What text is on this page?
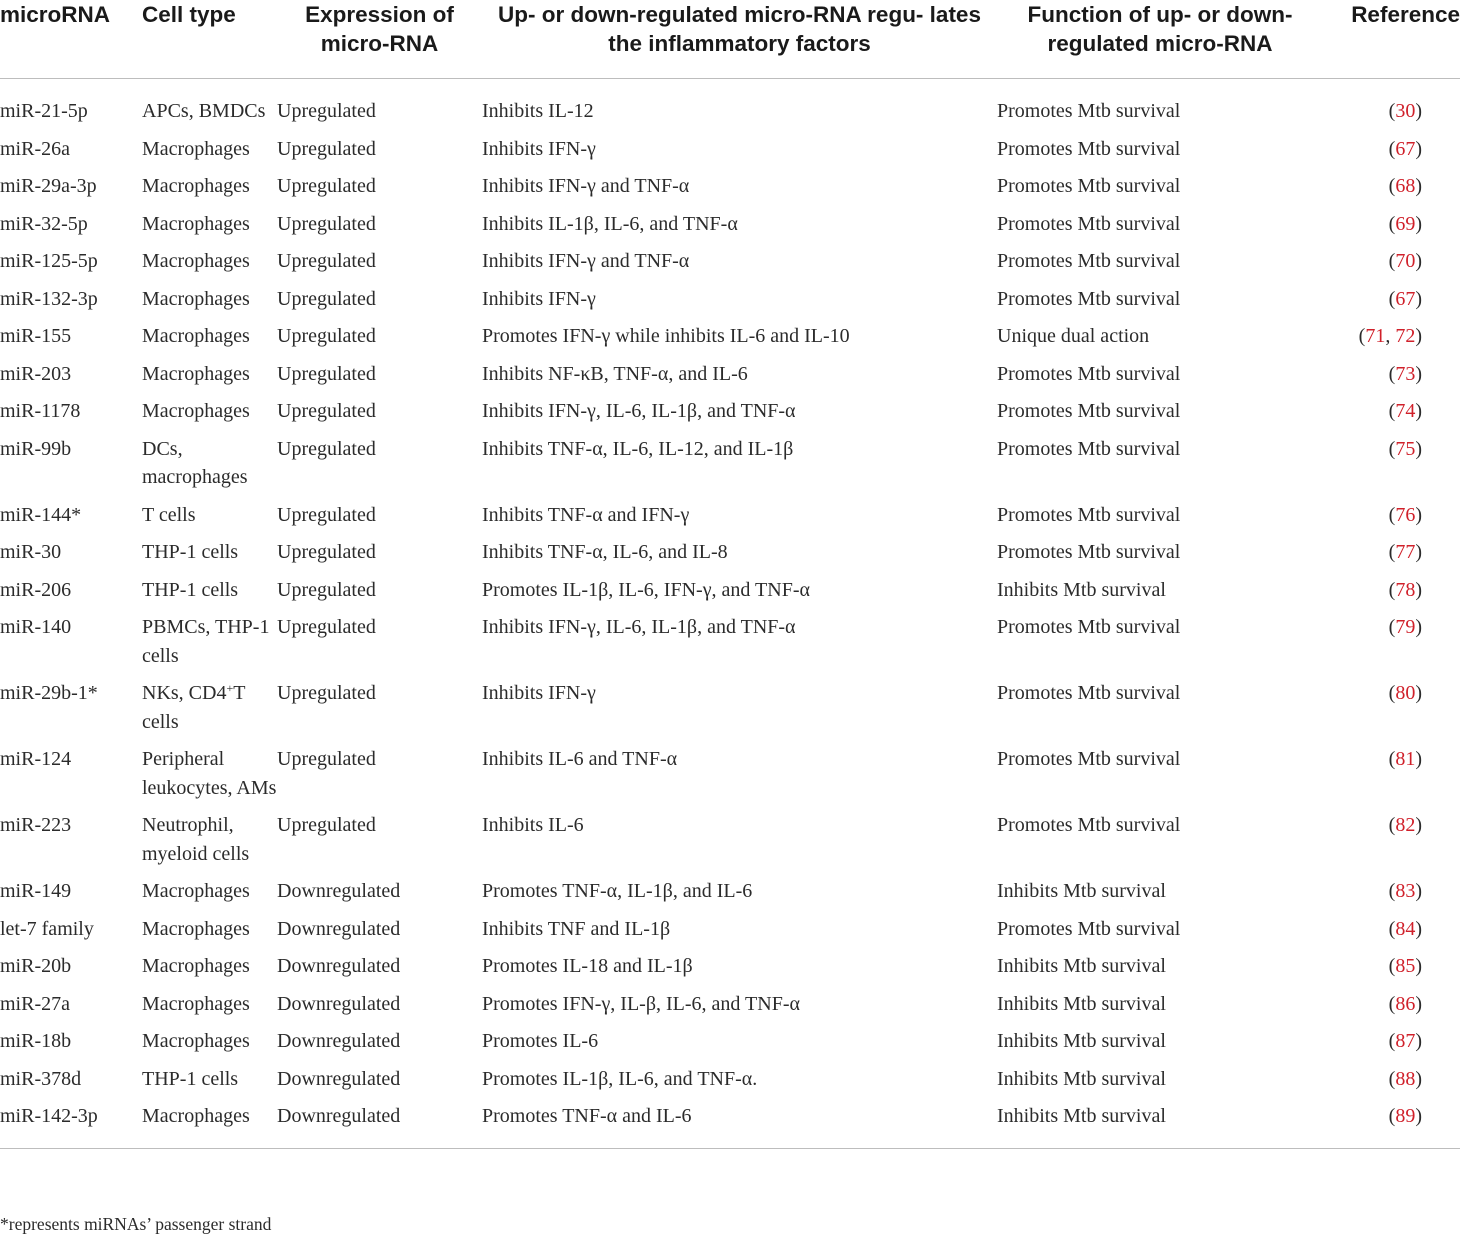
microRNA	Cell type	Expression of micro-RNA	Up- or down-regulated micro-RNA regu- lates the inflammatory factors	Function of up- or down- regulated micro-RNA	Reference
miR-21-5p	APCs, BMDCs	Upregulated	Inhibits IL-12	Promotes Mtb survival	(30)
miR-26a	Macrophages	Upregulated	Inhibits IFN-γ	Promotes Mtb survival	(67)
miR-29a-3p	Macrophages	Upregulated	Inhibits IFN-γ and TNF-α	Promotes Mtb survival	(68)
miR-32-5p	Macrophages	Upregulated	Inhibits IL-1β, IL-6, and TNF-α	Promotes Mtb survival	(69)
miR-125-5p	Macrophages	Upregulated	Inhibits IFN-γ and TNF-α	Promotes Mtb survival	(70)
miR-132-3p	Macrophages	Upregulated	Inhibits IFN-γ	Promotes Mtb survival	(67)
miR-155	Macrophages	Upregulated	Promotes IFN-γ while inhibits IL-6 and IL-10	Unique dual action	(71, 72)
miR-203	Macrophages	Upregulated	Inhibits NF-κB, TNF-α, and IL-6	Promotes Mtb survival	(73)
miR-1178	Macrophages	Upregulated	Inhibits IFN-γ, IL-6, IL-1β, and TNF-α	Promotes Mtb survival	(74)
miR-99b	DCs, macrophages	Upregulated	Inhibits TNF-α, IL-6, IL-12, and IL-1β	Promotes Mtb survival	(75)
miR-144*	T cells	Upregulated	Inhibits TNF-α and IFN-γ	Promotes Mtb survival	(76)
miR-30	THP-1 cells	Upregulated	Inhibits TNF-α, IL-6, and IL-8	Promotes Mtb survival	(77)
miR-206	THP-1 cells	Upregulated	Promotes IL-1β, IL-6, IFN-γ, and TNF-α	Inhibits Mtb survival	(78)
miR-140	PBMCs, THP-1 cells	Upregulated	Inhibits IFN-γ, IL-6, IL-1β, and TNF-α	Promotes Mtb survival	(79)
miR-29b-1*	NKs, CD4+T cells	Upregulated	Inhibits IFN-γ	Promotes Mtb survival	(80)
miR-124	Peripheral leukocytes, AMs	Upregulated	Inhibits IL-6 and TNF-α	Promotes Mtb survival	(81)
miR-223	Neutrophil, myeloid cells	Upregulated	Inhibits IL-6	Promotes Mtb survival	(82)
miR-149	Macrophages	Downregulated	Promotes TNF-α, IL-1β, and IL-6	Inhibits Mtb survival	(83)
let-7 family	Macrophages	Downregulated	Inhibits TNF and IL-1β	Promotes Mtb survival	(84)
miR-20b	Macrophages	Downregulated	Promotes IL-18 and IL-1β	Inhibits Mtb survival	(85)
miR-27a	Macrophages	Downregulated	Promotes IFN-γ, IL-β, IL-6, and TNF-α	Inhibits Mtb survival	(86)
miR-18b	Macrophages	Downregulated	Promotes IL-6	Inhibits Mtb survival	(87)
miR-378d	THP-1 cells	Downregulated	Promotes IL-1β, IL-6, and TNF-α.	Inhibits Mtb survival	(88)
miR-142-3p	Macrophages	Downregulated	Promotes TNF-α and IL-6	Inhibits Mtb survival	(89)
*represents miRNAs’ passenger strand
